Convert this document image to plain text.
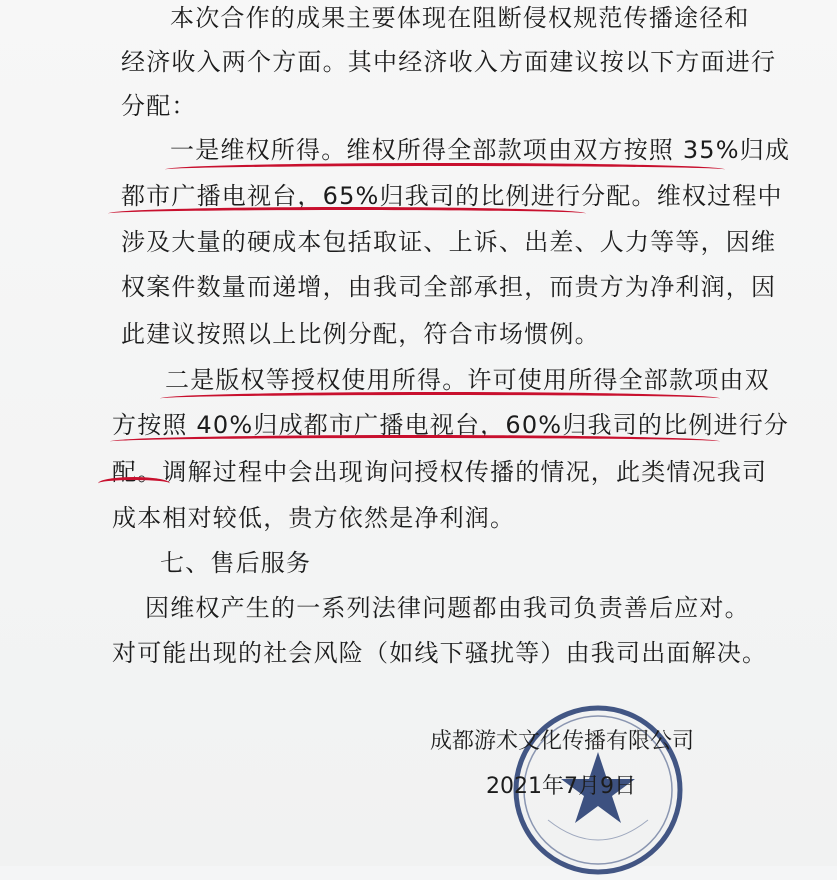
本次合作的成果主要体现在阻断侵权规范传播途径和
经济收入两个方面。其中经济收入方面建议按以下方面进行
分配：
一是维权所得。维权所得全部款项由双方按照 35%归成
都市广播电视台，65%归我司的比例进行分配。维权过程中
涉及大量的硬成本包括取证、上诉、出差、人力等等，因维
权案件数量而递增，由我司全部承担，而贵方为净利润，因
此建议按照以上比例分配，符合市场惯例。
二是版权等授权使用所得。许可使用所得全部款项由双
方按照 40%归成都市广播电视台，60%归我司的比例进行分
配。调解过程中会出现询问授权传播的情况，此类情况我司
成本相对较低，贵方依然是净利润。
七、售后服务
因维权产生的一系列法律问题都由我司负责善后应对。
对可能出现的社会风险（如线下骚扰等）由我司出面解决。
成都游术文化传播有限公司
2021年7月9日
